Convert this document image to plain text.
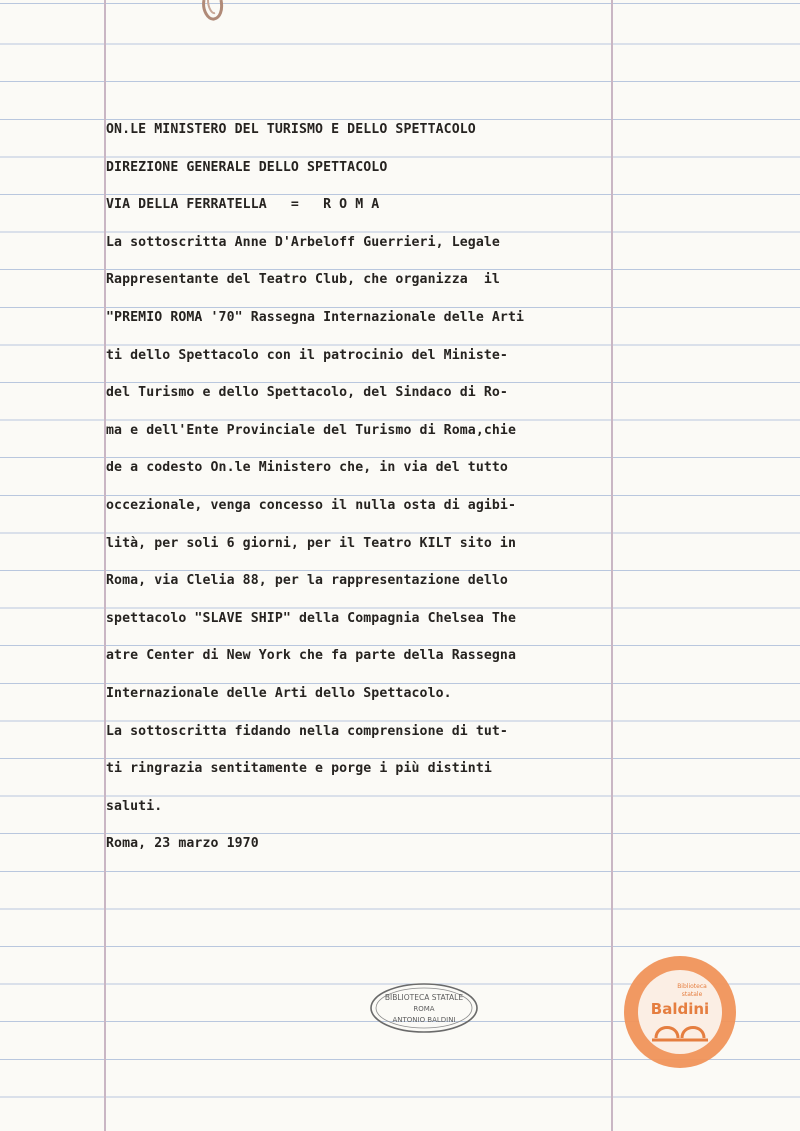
ON.LE MINISTERO DEL TURISMO E DELLO SPETTACOLO
DIREZIONE GENERALE DELLO SPETTACOLO
VIA DELLA FERRATELLA   =   R O M A
La sottoscritta Anne D'Arbeloff Guerrieri, Legale
Rappresentante del Teatro Club, che organizza  il
"PREMIO ROMA '70" Rassegna Internazionale delle Arti
ti dello Spettacolo con il patrocinio del Ministe-
del Turismo e dello Spettacolo, del Sindaco di Ro-
ma e dell'Ente Provinciale del Turismo di Roma,chie
de a codesto On.le Ministero che, in via del tutto
occezionale, venga concesso il nulla osta di agibi-
lità, per soli 6 giorni, per il Teatro KILT sito in
Roma, via Clelia 88, per la rappresentazione dello
spettacolo "SLAVE SHIP" della Compagnia Chelsea The
atre Center di New York che fa parte della Rassegna
Internazionale delle Arti dello Spettacolo.
La sottoscritta fidando nella comprensione di tut-
ti ringrazia sentitamente e porge i più distinti
saluti.
Roma, 23 marzo 1970
BIBLIOTECA STATALE
ROMA
ANTONIO BALDINI
Biblioteca
statale
Baldini
